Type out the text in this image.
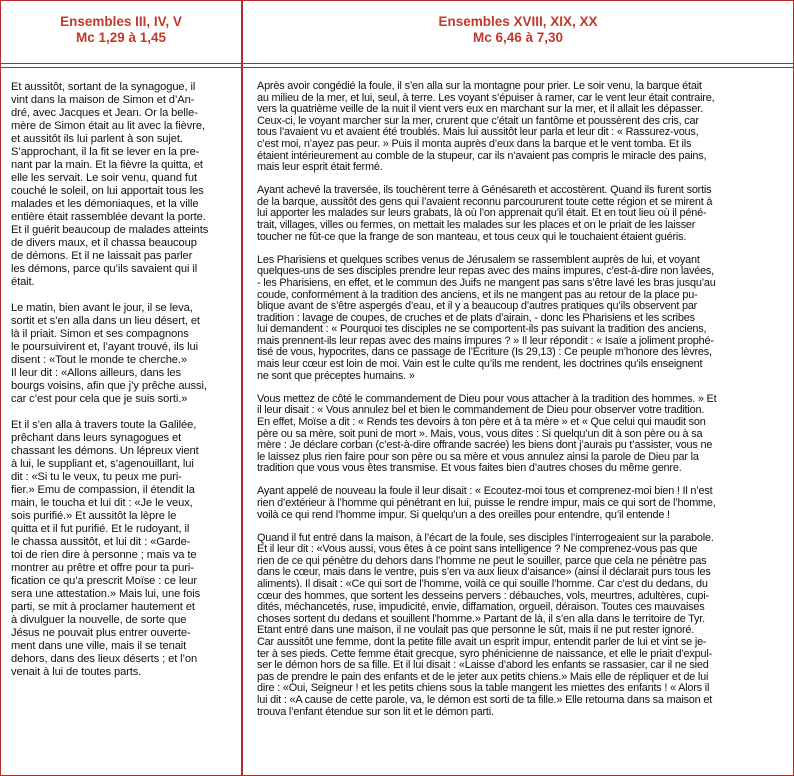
Ensembles III, IV, V
Mc 1,29 à 1,45

Et aussitôt, sortant de la synagogue, il
vint dans la maison de Simon et d’An-
dré, avec Jacques et Jean. Or la belle-
mère de Simon était au lit avec la fièvre,
et aussitôt ils lui parlent à son sujet.
S’approchant, il la fit se lever en la pre-
nant par la main. Et la fièvre la quitta, et
elle les servait. Le soir venu, quand fut
couché le soleil, on lui apportait tous les
malades et les démoniaques, et la ville
entière était rassemblée devant la porte.
Et il guérit beaucoup de malades atteints
de divers maux, et il chassa beaucoup
de démons. Et il ne laissait pas parler
les démons, parce qu’ils savaient qui il
était.

Le matin, bien avant le jour, il se leva,
sortit et s’en alla dans un lieu désert, et
là il priait. Simon et ses compagnons
le poursuivirent et, l’ayant trouvé, ils lui
disent : «Tout le monde te cherche.»
Il leur dit : «Allons ailleurs, dans les
bourgs voisins, afin que j’y prêche aussi,
car c’est pour cela que je suis sorti.»

Et il s’en alla à travers toute la Galilée,
prêchant dans leurs synagogues et
chassant les démons. Un lépreux vient
à lui, le suppliant et, s’agenouillant, lui
dit : «Si tu le veux, tu peux me puri-
fier.» Emu de compassion, il étendit la
main, le toucha et lui dit : «Je le veux,
sois purifié.» Et aussitôt la lèpre le
quitta et il fut purifié. Et le rudoyant, il
le chassa aussitôt, et lui dit : «Garde-
toi de rien dire à personne ; mais va te
montrer au prêtre et offre pour ta puri-
fication ce qu’a prescrit Moïse : ce leur
sera une attestation.» Mais lui, une fois
parti, se mit à proclamer hautement et
à divulguer la nouvelle, de sorte que
Jésus ne pouvait plus entrer ouverte-
ment dans une ville, mais il se tenait
dehors, dans des lieux déserts ; et l’on
venait à lui de toutes parts.

Ensembles XVIII, XIX, XX
Mc 6,46 à 7,30

Après avoir congédié la foule, il s’en alla sur la montagne pour prier. Le soir venu, la barque était
au milieu de la mer, et lui, seul, à terre. Les voyant s’épuiser à ramer, car le vent leur était contraire,
vers la quatrième veille de la nuit il vient vers eux en marchant sur la mer, et il allait les dépasser.
Ceux-ci, le voyant marcher sur la mer, crurent que c’était un fantôme et poussèrent des cris, car
tous l’avaient vu et avaient été troublés. Mais lui aussitôt leur parla et leur dit : « Rassurez-vous,
c’est moi, n’ayez pas peur. » Puis il monta auprès d’eux dans la barque et le vent tomba. Et ils
étaient intérieurement au comble de la stupeur, car ils n’avaient pas compris le miracle des pains,
mais leur esprit était fermé.

Ayant achevé la traversée, ils touchèrent terre à Génésareth et accostèrent. Quand ils furent sortis
de la barque, aussitôt des gens qui l’avaient reconnu parcoururent toute cette région et se mirent à
lui apporter les malades sur leurs grabats, là où l’on apprenait qu’il était. Et en tout lieu où il péné-
trait, villages, villes ou fermes, on mettait les malades sur les places et on le priait de les laisser
toucher ne fût-ce que la frange de son manteau, et tous ceux qui le touchaient étaient guéris.

Les Pharisiens et quelques scribes venus de Jérusalem se rassemblent auprès de lui, et voyant
quelques-uns de ses disciples prendre leur repas avec des mains impures, c’est-à-dire non lavées,
- les Pharisiens, en effet, et le commun des Juifs ne mangent pas sans s’être lavé les bras jusqu’au
coude, conformément à la tradition des anciens, et ils ne mangent pas au retour de la place pu-
blique avant de s’être aspergés d’eau, et il y a beaucoup d’autres pratiques qu’ils observent par
tradition : lavage de coupes, de cruches et de plats d’airain, - donc les Pharisiens et les scribes
lui demandent : « Pourquoi tes disciples ne se comportent-ils pas suivant la tradition des anciens,
mais prennent-ils leur repas avec des mains impures ? » Il leur répondit : « Isaïe a joliment prophé-
tisé de vous, hypocrites, dans ce passage de l’Ecriture (Is 29,13) : Ce peuple m’honore des lèvres,
mais leur cœur est loin de moi. Vain est le culte qu’ils me rendent, les doctrines qu’ils enseignent
ne sont que préceptes humains. »

Vous mettez de côté le commandement de Dieu pour vous attacher à la tradition des hommes. » Et
il leur disait : « Vous annulez bel et bien le commandement de Dieu pour observer votre tradition.
En effet, Moïse a dit : « Rends tes devoirs à ton père et à ta mère » et « Que celui qui maudit son
père ou sa mère, soit puni de mort ». Mais, vous, vous dites : Si quelqu’un dit à son père ou à sa
mère : Je déclare corban (c’est-à-dire offrande sacrée) les biens dont j’aurais pu t’assister, vous ne
le laissez plus rien faire pour son père ou sa mère et vous annulez ainsi la parole de Dieu par la
tradition que vous vous êtes transmise. Et vous faites bien d’autres choses du même genre.

Ayant appelé de nouveau la foule il leur disait : « Ecoutez-moi tous et comprenez-moi bien ! Il n’est
rien d’extérieur à l’homme qui pénétrant en lui, puisse le rendre impur, mais ce qui sort de l’homme,
voilà ce qui rend l’homme impur. Si quelqu’un a des oreilles pour entendre, qu’il entende !

Quand il fut entré dans la maison, à l’écart de la foule, ses disciples l’interrogeaient sur la parabole.
Et il leur dit : «Vous aussi, vous êtes à ce point sans intelligence ? Ne comprenez-vous pas que
rien de ce qui pénètre du dehors dans l’homme ne peut le souiller, parce que cela ne pénètre pas
dans le cœur, mais dans le ventre, puis s’en va aux lieux d’aisance» (ainsi il déclarait purs tous les
aliments). Il disait : «Ce qui sort de l’homme, voilà ce qui souille l’homme. Car c’est du dedans, du
cœur des hommes, que sortent les desseins pervers : débauches, vols, meurtres, adultères, cupi-
dités, méchancetés, ruse, impudicité, envie, diffamation, orgueil, déraison. Toutes ces mauvaises
choses sortent du dedans et souillent l’homme.» Partant de là, il s’en alla dans le territoire de Tyr.
Etant entré dans une maison, il ne voulait pas que personne le sût, mais il ne put rester ignoré.
Car aussitôt une femme, dont la petite fille avait un esprit impur, entendit parler de lui et vint se je-
ter à ses pieds. Cette femme était grecque, syro phénicienne de naissance, et elle le priait d’expul-
ser le démon hors de sa fille. Et il lui disait : «Laisse d’abord les enfants se rassasier, car il ne sied
pas de prendre le pain des enfants et de le jeter aux petits chiens.» Mais elle de répliquer et de lui
dire : «Oui, Seigneur ! et les petits chiens sous la table mangent les miettes des enfants ! « Alors il
lui dit : «A cause de cette parole, va, le démon est sorti de ta fille.» Elle retourna dans sa maison et
trouva l’enfant étendue sur son lit et le démon parti.
